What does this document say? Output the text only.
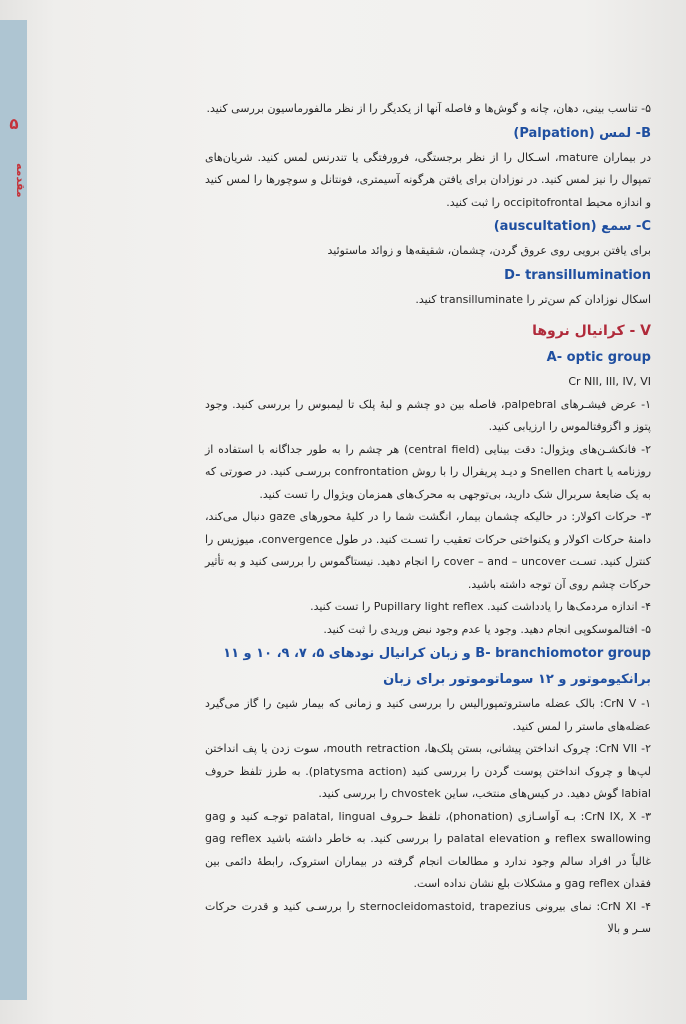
۵
مقدمه

۵- تناسب بینی، دهان، چانه و گوش‌ها و فاصله آنها از یکدیگر را از نظر مالفورماسیون بررسی کنید.

B- لمس (Palpation)

در بیماران mature، اسـکال را از نظر برجستگی، فرورفتگی یا تندرنس لمس کنید. شریان‌های تمپوال را نیز لمس کنید. در نوزادان برای یافتن هرگونه آسیمتری، فونتانل و سوچورها را لمس کنید و اندازه محیط occipitofrontal را ثبت کنید.

C- سمع (auscultation)

برای یافتن برویی روی عروق گردن، چشمان، شقیقه‌ها و زوائد ماستوئید

D- transillumination

اسکال نوزادان کم سن‌تر را transilluminate کنید.

V - کرانیال نروها
A- optic group

Cr NII, III, IV, VI

۱- عرض فیشـرهای palpebral، فاصله بین دو چشم و لبهٔ پلک تا لیمبوس را بررسی کنید. وجود پتوز و اگزوفتالموس را ارزیابی کنید.

۲- فانکشـن‌های ویژوال: دقت بینایی (central field) هر چشم را به طور جداگانه با استفاده از روزنامه یا Snellen chart و دیـد پریفرال را با روش confrontation بررسـی کنید. در صورتی که به یک ضایعهٔ سربرال شک دارید، بی‌توجهی به محرک‌های همزمان ویژوال را تست کنید.

۳- حرکات اکولار: در حالیکه چشمان بیمار، انگشت شما را در کلیهٔ محورهای gaze دنبال می‌کند، دامنهٔ حرکات اکولار و یکنواختی حرکات تعقیب را تسـت کنید. در طول convergence، میوزیس را کنترل کنید. تسـت cover – and – uncover را انجام دهید. نیستاگموس را بررسی کنید و به تأثیر حرکات چشم روی آن توجه داشته باشید.

۴- اندازه مردمک‌ها را یادداشت کنید. Pupillary light reflex را تست کنید.

۵- افتالموسکوپی انجام دهید. وجود یا عدم وجود نبض وریدی را ثبت کنید.

B- branchiomotor group و زبان کرانیال نودهای ۵، ۷، ۹، ۱۰ و ۱۱ برانکیوموتور و ۱۲ سوماتوموتور برای زبان

۱- CrN V: بالک عضله ماستروتمپورالیس را بررسی کنید و زمانی که بیمار شیئ را گاز می‌گیرد عضله‌های ماستر را لمس کنید.

۲- CrN VII: چروک انداختن پیشانی، بستن پلک‌ها، mouth retraction، سوت زدن یا پف انداختن لپ‌ها و چروک انداختن پوست گردن را بررسی کنید (platysma action). به طرز تلفظ حروف labial گوش دهید. در کیس‌های منتخب، ساین chvostek را بررسی کنید.

۳- CrN IX, X: بـه آواسـازی (phonation)، تلفظ حـروف palatal, lingual توجـه کنید و gag reflex swallowing و palatal elevation را بررسی کنید. به خاطر داشته باشید gag reflex غالباً در افراد سالم وجود ندارد و مطالعات انجام گرفته در بیماران استروک، رابطهٔ دائمی بین فقدان gag reflex و مشکلات بلع نشان نداده است.

۴- CrN XI: نمای بیرونی sternocleidomastoid, trapezius را بررسـی کنید و قدرت حرکات سـر و بالا
